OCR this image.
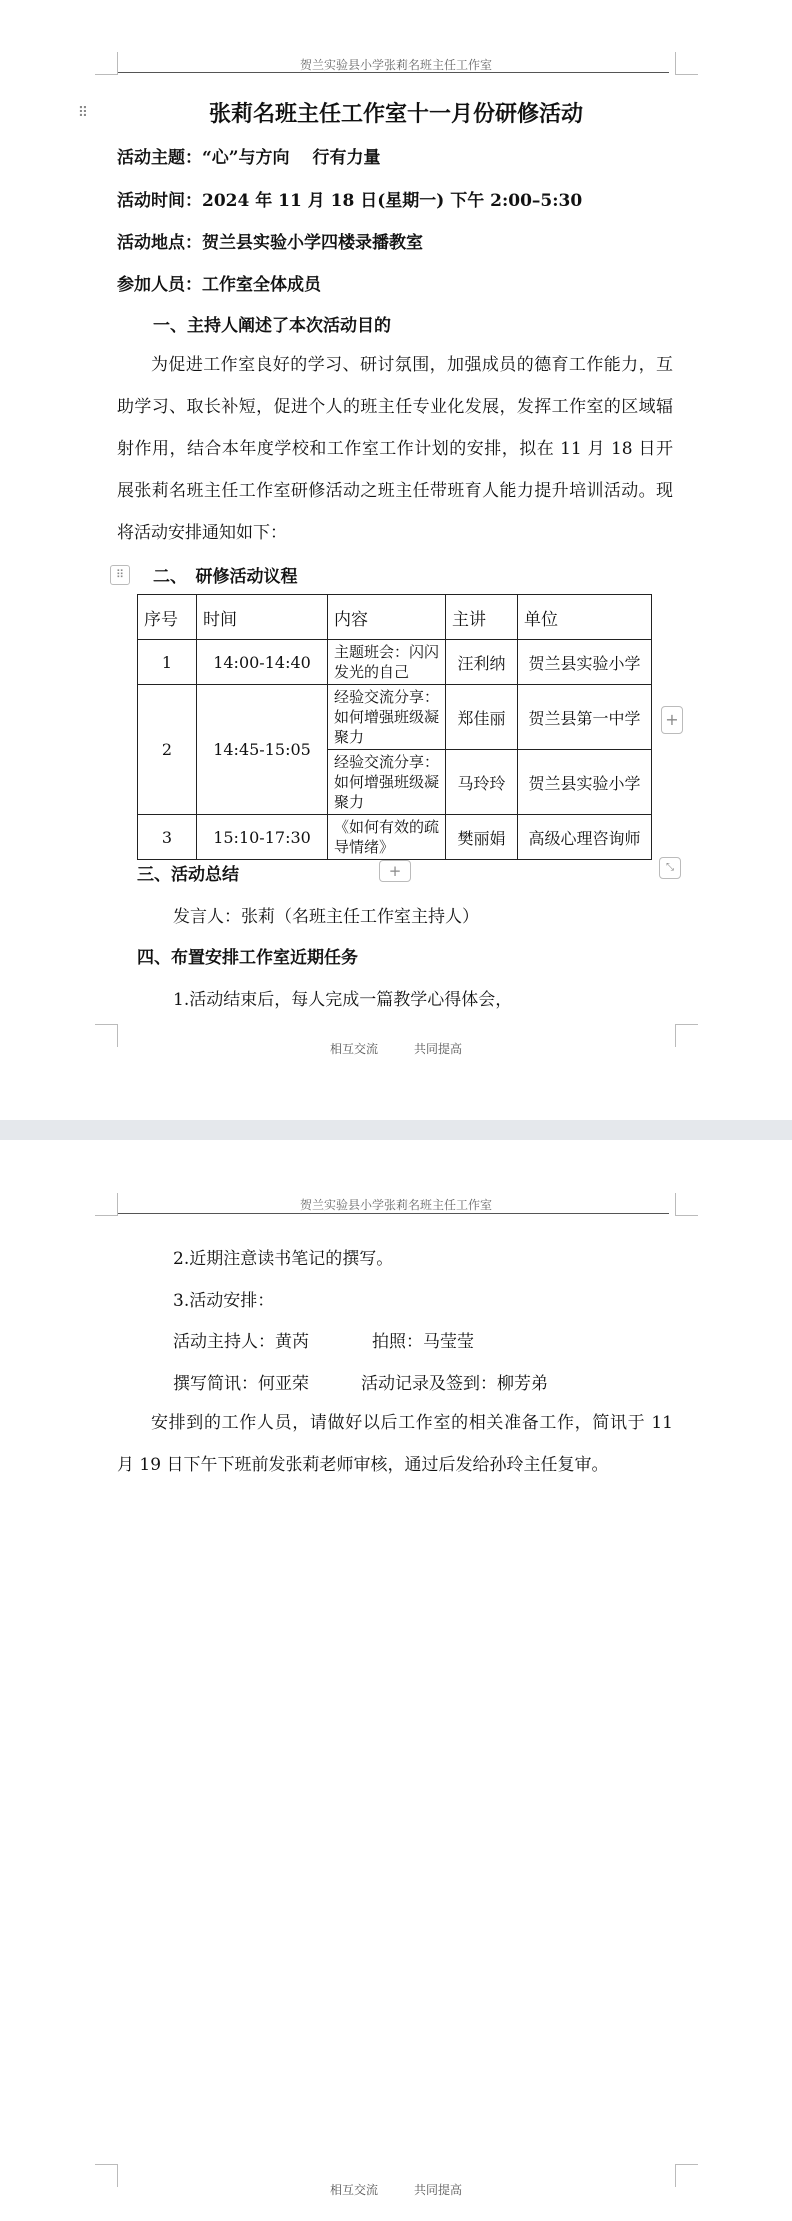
贺兰实验县小学张莉名班主任工作室
⠿	张莉名班主任工作室十一月份研修活动
活动主题：“心”与方向　 行有力量
活动时间：2024 年 11 月 18 日(星期一) 下午 2:00–5:30
活动地点：贺兰县实验小学四楼录播教室
参加人员：工作室全体成员
一、主持人阐述了本次活动目的
为促进工作室良好的学习、研讨氛围，加强成员的德育工作能力，互助学习、取长补短，促进个人的班主任专业化发展，发挥工作室的区域辐射作用，结合本年度学校和工作室工作计划的安排，拟在 11 月 18 日开展张莉名班主任工作室研修活动之班主任带班育人能力提升培训活动。现将活动安排通知如下：
⠿	二、　研修活动议程
序号	时间	内容	主讲	单位
1	14:00-14:40	主题班会：闪闪发光的自己	汪利纳	贺兰县实验小学
2	14:45-15:05	经验交流分享：如何增强班级凝聚力	郑佳丽	贺兰县第一中学
		经验交流分享：如何增强班级凝聚力	马玲玲	贺兰县实验小学
3	15:10-17:30	《如何有效的疏导情绪》	樊丽娟	高级心理咨询师
+
+	⤡
三、活动总结
发言人：张莉（名班主任工作室主持人）
四、布置安排工作室近期任务
1.活动结束后，每人完成一篇教学心得体会，
相互交流	共同提高
贺兰实验县小学张莉名班主任工作室
2.近期注意读书笔记的撰写。
3.活动安排：
活动主持人：黄芮	拍照：马莹莹
撰写简讯：何亚荣	活动记录及签到：柳芳弟
安排到的工作人员，请做好以后工作室的相关准备工作，简讯于 11 月 19 日下午下班前发张莉老师审核，通过后发给孙玲主任复审。
相互交流	共同提高
